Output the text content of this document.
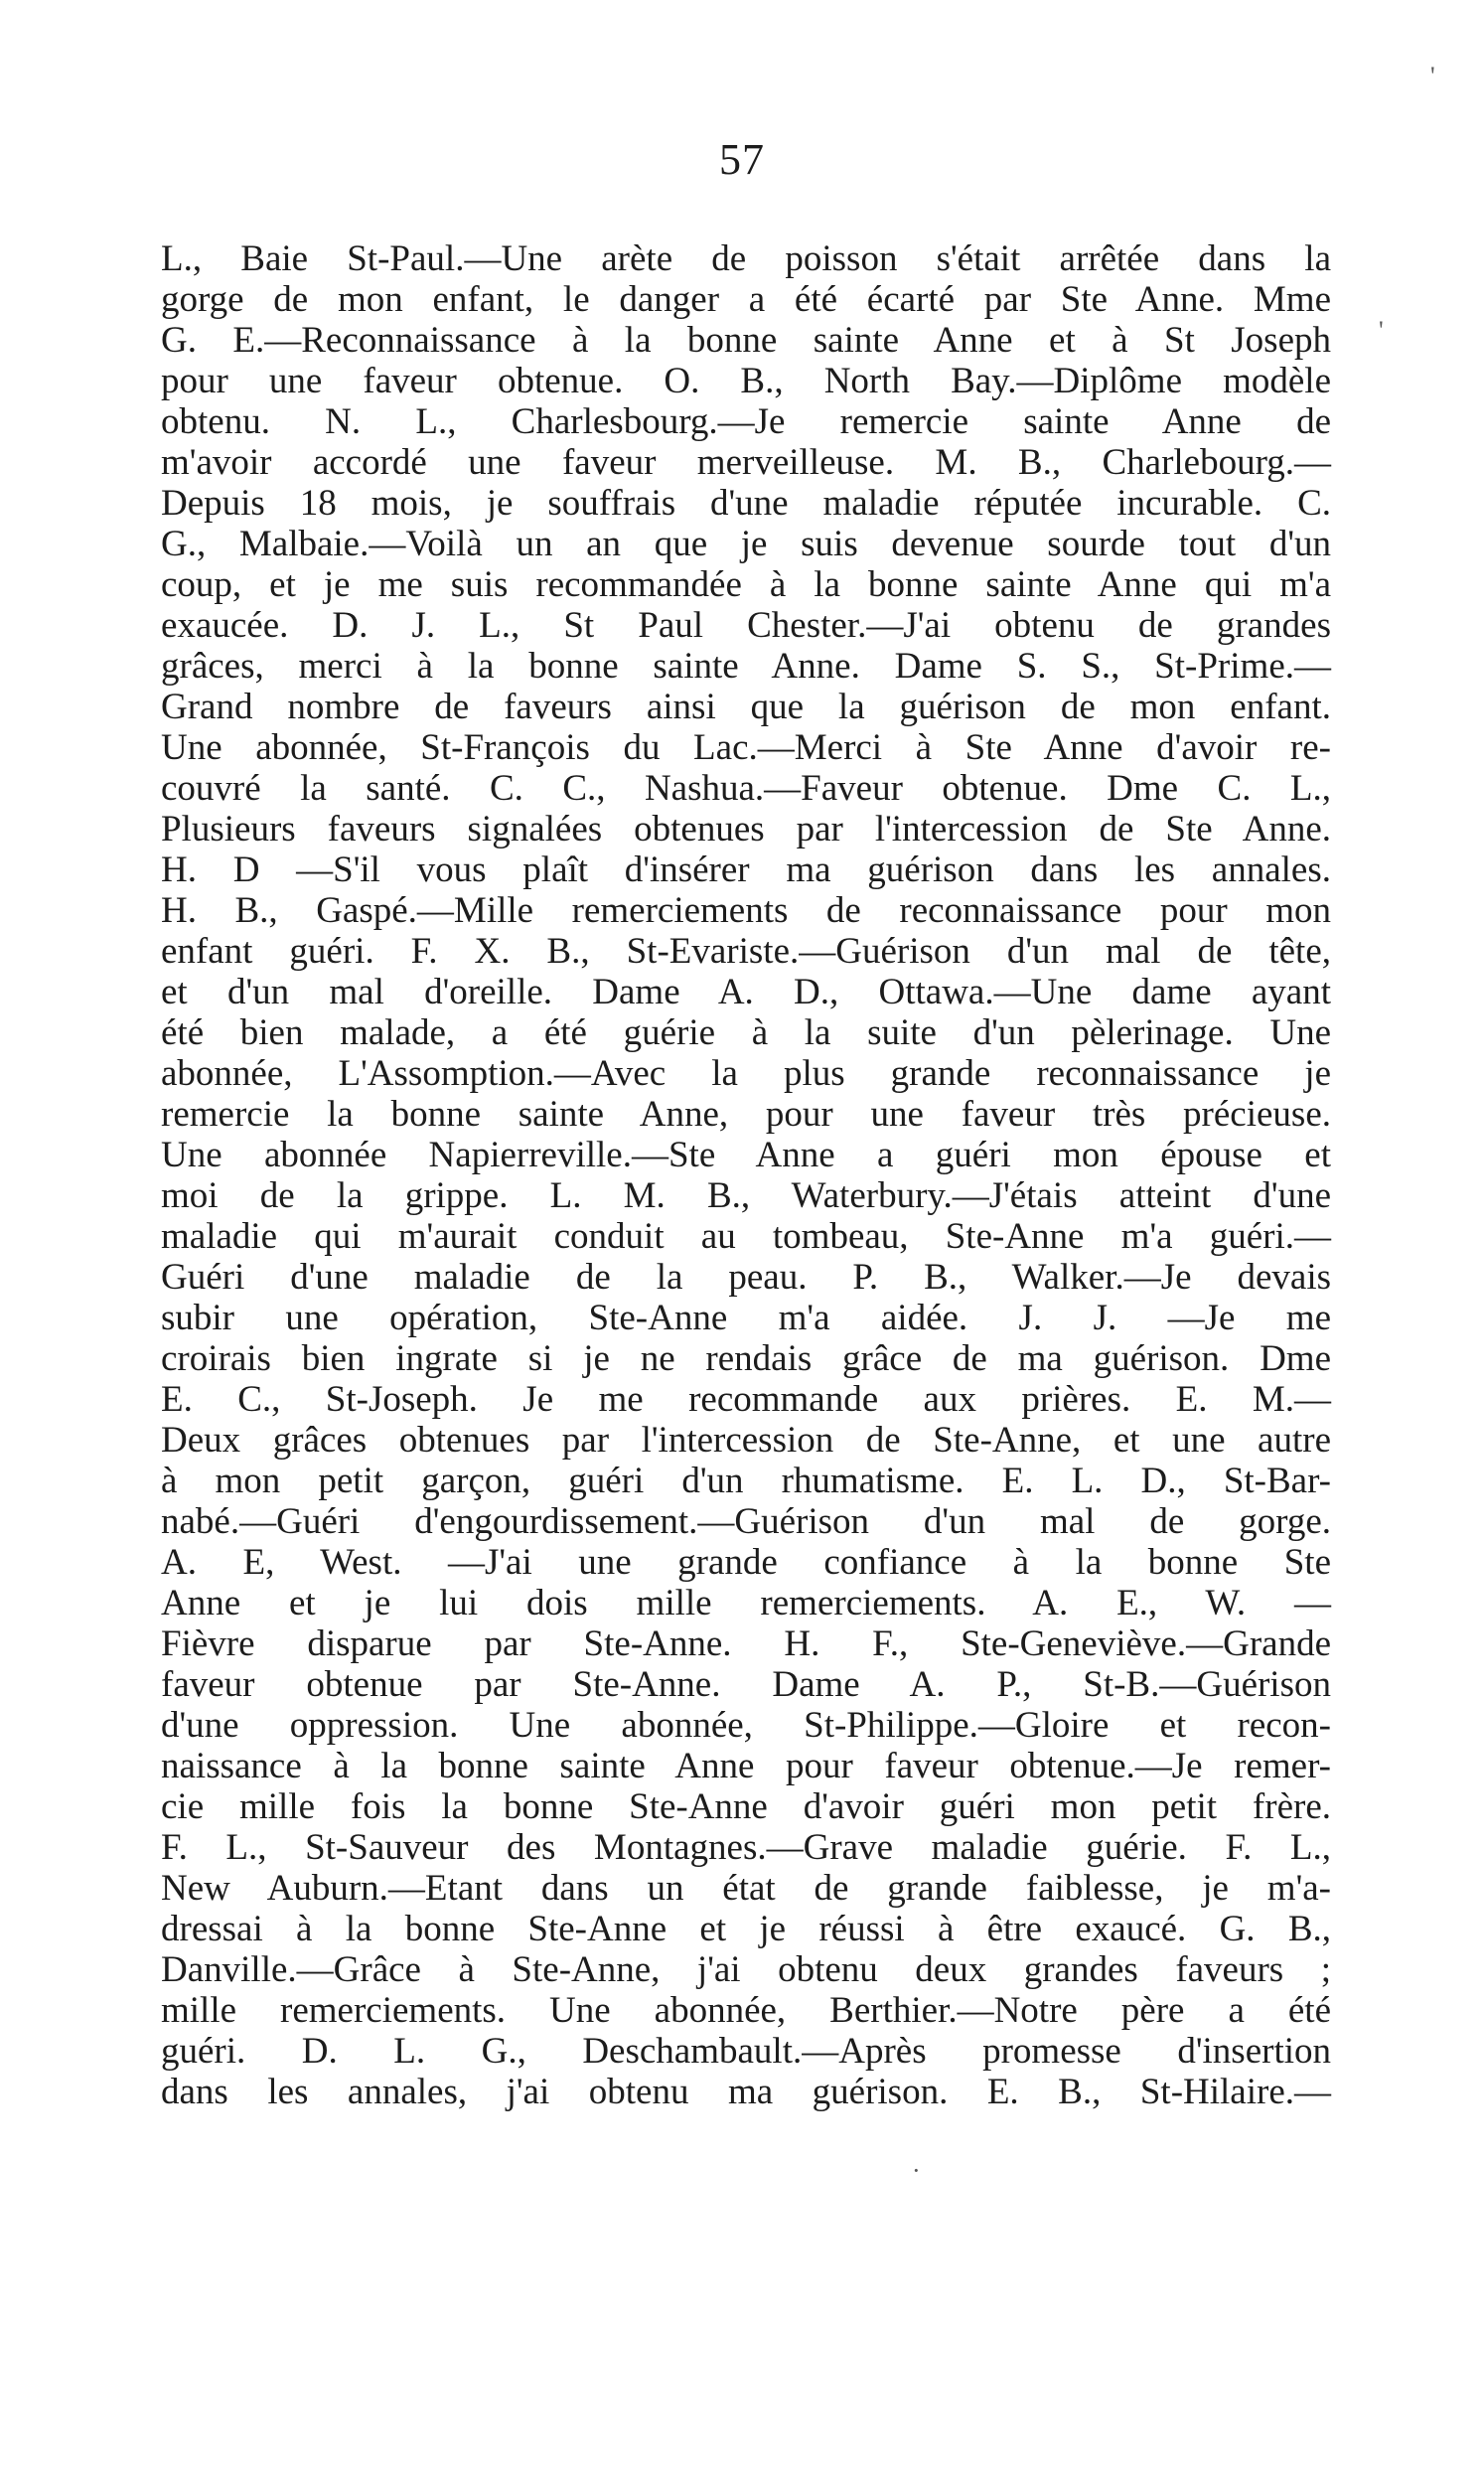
57
'
'
·
L., Baie St-Paul.—Une arète de poisson s'était arrêtée dans la
gorge de mon enfant, le danger a été écarté par Ste Anne. Mme
G. E.—Reconnaissance à la bonne sainte Anne et à St Joseph
pour une faveur obtenue. O. B., North Bay.—Diplôme modèle
obtenu. N. L., Charlesbourg.—Je remercie sainte Anne de
m'avoir accordé une faveur merveilleuse. M. B., Charlebourg.—
Depuis 18 mois, je souffrais d'une maladie réputée incurable. C.
G., Malbaie.—Voilà un an que je suis devenue sourde tout d'un
coup, et je me suis recommandée à la bonne sainte Anne qui m'a
exaucée. D. J. L., St Paul Chester.—J'ai obtenu de grandes
grâces, merci à la bonne sainte Anne. Dame S. S., St-Prime.—
Grand nombre de faveurs ainsi que la guérison de mon enfant.
Une abonnée, St-François du Lac.—Merci à Ste Anne d'avoir re-
couvré la santé. C. C., Nashua.—Faveur obtenue. Dme C. L.,
Plusieurs faveurs signalées obtenues par l'intercession de Ste Anne.
H. D —S'il vous plaît d'insérer ma guérison dans les annales.
H. B., Gaspé.—Mille remerciements de reconnaissance pour mon
enfant guéri. F. X. B., St-Evariste.—Guérison d'un mal de tête,
et d'un mal d'oreille. Dame A. D., Ottawa.—Une dame ayant
été bien malade, a été guérie à la suite d'un pèlerinage. Une
abonnée, L'Assomption.—Avec la plus grande reconnaissance je
remercie la bonne sainte Anne, pour une faveur très précieuse.
Une abonnée Napierreville.—Ste Anne a guéri mon épouse et
moi de la grippe. L. M. B., Waterbury.—J'étais atteint d'une
maladie qui m'aurait conduit au tombeau, Ste-Anne m'a guéri.—
Guéri d'une maladie de la peau. P. B., Walker.—Je devais
subir une opération, Ste-Anne m'a aidée. J. J. —Je me
croirais bien ingrate si je ne rendais grâce de ma guérison. Dme
E. C., St-Joseph. Je me recommande aux prières. E. M.—
Deux grâces obtenues par l'intercession de Ste-Anne, et une autre
à mon petit garçon, guéri d'un rhumatisme. E. L. D., St-Bar-
nabé.—Guéri d'engourdissement.—Guérison d'un mal de gorge.
A. E, West. —J'ai une grande confiance à la bonne Ste
Anne et je lui dois mille remerciements. A. E., W. —
Fièvre disparue par Ste-Anne. H. F., Ste-Geneviève.—Grande
faveur obtenue par Ste-Anne. Dame A. P., St-B.—Guérison
d'une oppression. Une abonnée, St-Philippe.—Gloire et recon-
naissance à la bonne sainte Anne pour faveur obtenue.—Je remer-
cie mille fois la bonne Ste-Anne d'avoir guéri mon petit frère.
F. L., St-Sauveur des Montagnes.—Grave maladie guérie. F. L.,
New Auburn.—Etant dans un état de grande faiblesse, je m'a-
dressai à la bonne Ste-Anne et je réussi à être exaucé. G. B.,
Danville.—Grâce à Ste-Anne, j'ai obtenu deux grandes faveurs ;
mille remerciements. Une abonnée, Berthier.—Notre père a été
guéri. D. L. G., Deschambault.—Après promesse d'insertion
dans les annales, j'ai obtenu ma guérison. E. B., St-Hilaire.—
